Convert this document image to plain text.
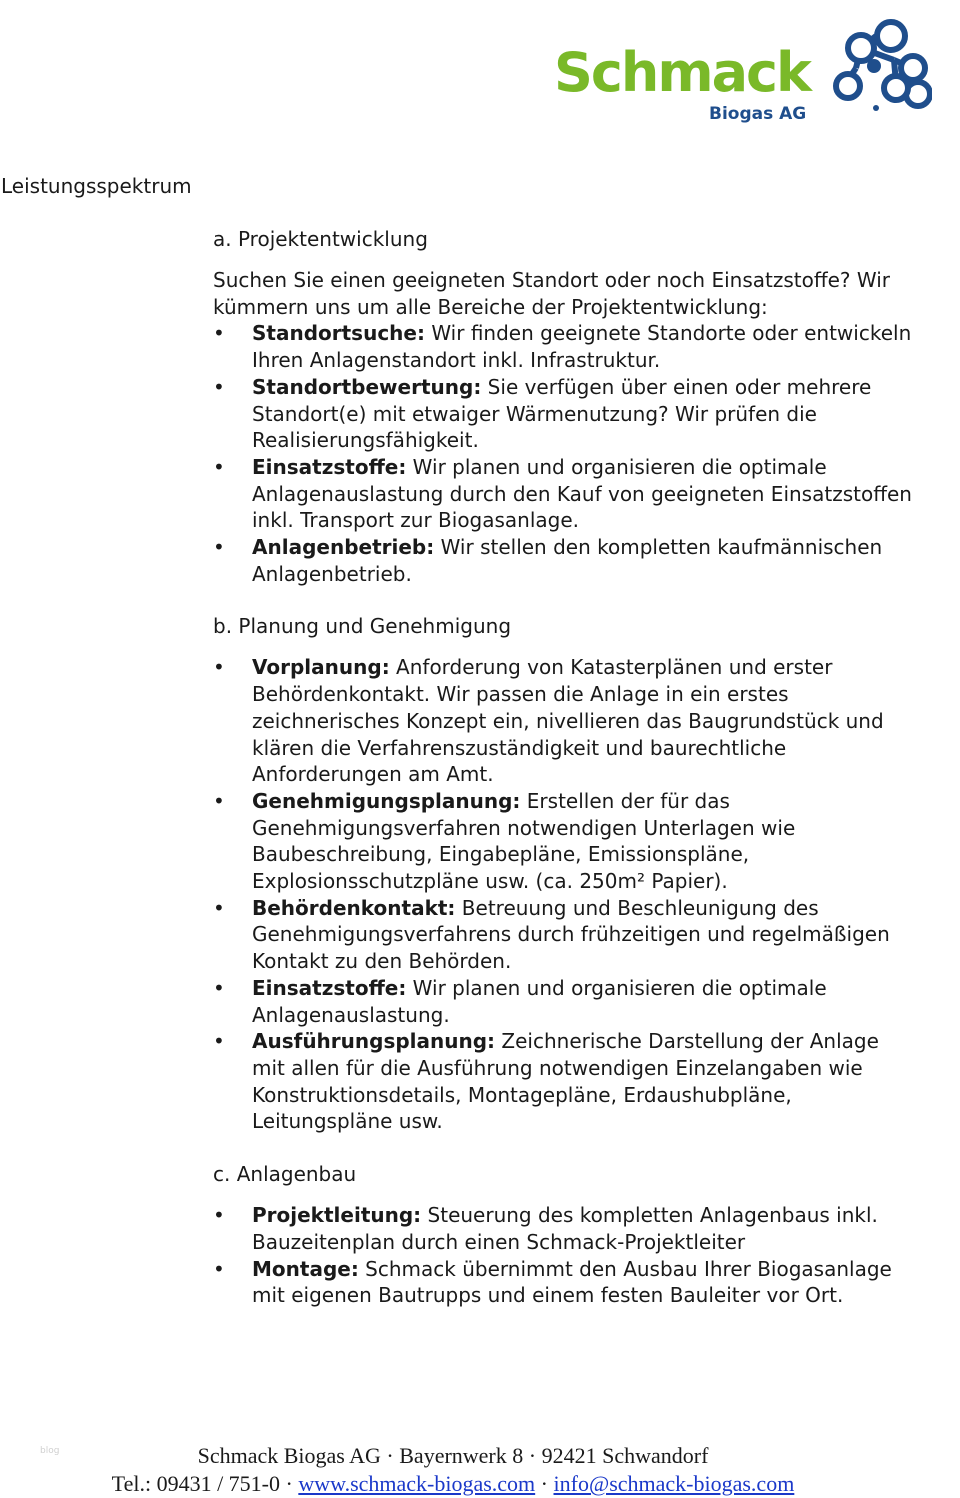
Schmack
Biogas AG
Leistungsspektrum
a. Projektentwicklung

Suchen Sie einen geeigneten Standort oder noch Einsatzstoffe? Wir kümmern uns um alle Bereiche der Projektentwicklung:

• Standortsuche: Wir finden geeignete Standorte oder entwickeln Ihren Anlagenstandort inkl. Infrastruktur.
• Standortbewertung: Sie verfügen über einen oder mehrere Standort(e) mit etwaiger Wärmenutzung? Wir prüfen die Realisierungsfähigkeit.
• Einsatzstoffe: Wir planen und organisieren die optimale Anlagenauslastung durch den Kauf von geeigneten Einsatzstoffen inkl. Transport zur Biogasanlage.
• Anlagenbetrieb: Wir stellen den kompletten kaufmännischen Anlagenbetrieb.
b. Planung und Genehmigung
• Vorplanung: Anforderung von Katasterplänen und erster Behördenkontakt. Wir passen die Anlage in ein erstes zeichnerisches Konzept ein, nivellieren das Baugrundstück und klären die Verfahrenszuständigkeit und baurechtliche Anforderungen am Amt.
• Genehmigungsplanung: Erstellen der für das Genehmigungsverfahren notwendigen Unterlagen wie Baubeschreibung, Eingabepläne, Emissionspläne, Explosionsschutzpläne usw. (ca. 250m² Papier).
• Behördenkontakt: Betreuung und Beschleunigung des Genehmigungsverfahrens durch frühzeitigen und regelmäßigen Kontakt zu den Behörden.
• Einsatzstoffe: Wir planen und organisieren die optimale Anlagenauslastung.
• Ausführungsplanung: Zeichnerische Darstellung der Anlage mit allen für die Ausführung notwendigen Einzelangaben wie Konstruktionsdetails, Montagepläne, Erdaushubpläne, Leitungspläne usw.
c. Anlagenbau
• Projektleitung: Steuerung des kompletten Anlagenbaus inkl. Bauzeitenplan durch einen Schmack-Projektleiter
• Montage: Schmack übernimmt den Ausbau Ihrer Biogasanlage mit eigenen Bautrupps und einem festen Bauleiter vor Ort.
blog	Schmack Biogas AG · Bayernwerk 8 · 92421 Schwandorf
Tel.: 09431 / 751-0 · www.schmack-biogas.com · info@schmack-biogas.com
